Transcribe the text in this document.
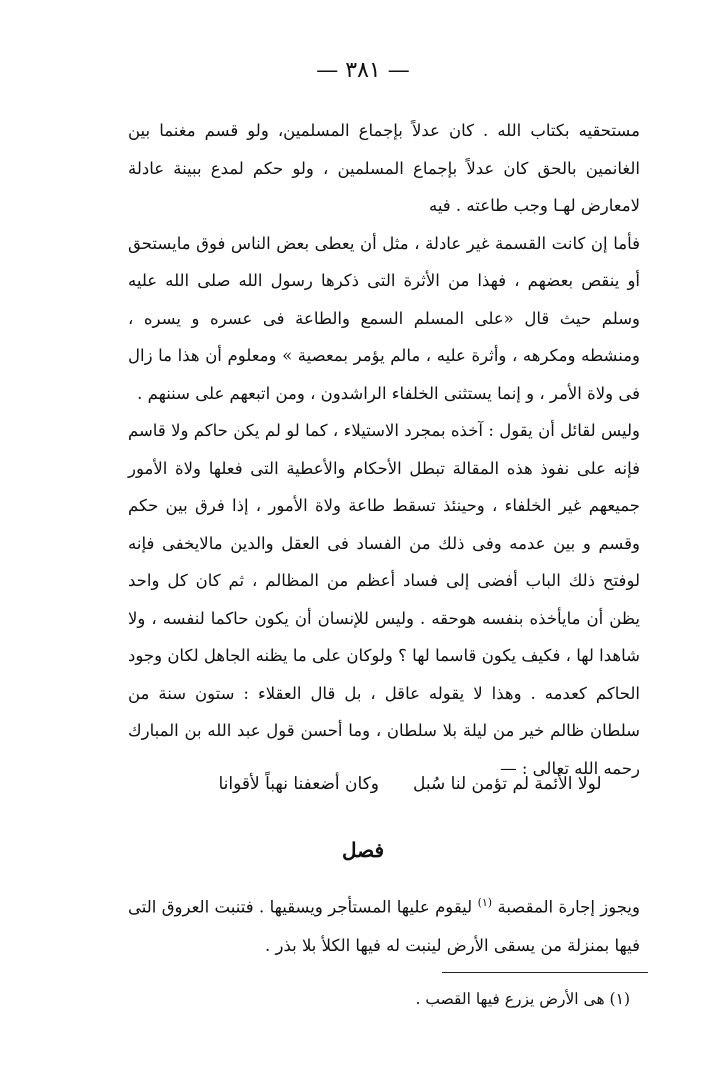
— ٣٨١ —

مستحقيه بكتاب الله . كان عدلاً بإجماع المسلمين، ولو قسم مغنما بين الغانمين بالحق كان عدلاً بإجماع المسلمين ، ولو حكم لمدع ببينة عادلة لامعارض لهـا وجب طاعته . فيه

فأما إن كانت القسمة غير عادلة ، مثل أن يعطى بعض الناس فوق مايستحق أو ينقص بعضهم ، فهذا من الأثرة التى ذكرها رسول الله صلى الله عليه وسلم حيث قال «على المسلم السمع والطاعة فى عسره و يسره ، ومنشطه ومكرهه ، وأثرة عليه ، مالم يؤمر بمعصية » ومعلوم أن هذا ما زال فى ولاة الأمر ، و إنما يستثنى الخلفاء الراشدون ، ومن اتبعهم على سننهم .

وليس لقائل أن يقول : آخذه بمجرد الاستيلاء ، كما لو لم يكن حاكم ولا قاسم فإنه على نفوذ هذه المقالة تبطل الأحكام والأعطية التى فعلها ولاة الأمور جميعهم غير الخلفاء ، وحينئذ تسقط طاعة ولاة الأمور ، إذا فرق بين حكم وقسم و بين عدمه وفى ذلك من الفساد فى العقل والدين مالايخفى فإنه لوفتح ذلك الباب أفضى إلى فساد أعظم من المظالم ، ثم كان كل واحد يظن أن مايأخذه بنفسه هوحقه . وليس للإنسان أن يكون حاكما لنفسه ، ولا شاهدا لها ، فكيف يكون قاسما لها ؟ ولوكان على ما يظنه الجاهل لكان وجود الحاكم كعدمه . وهذا لا يقوله عاقل ، بل قال العقلاء : ستون سنة من سلطان ظالم خير من ليلة بلا سلطان ، وما أحسن قول عبد الله بن المبارك رحمه الله تعالى : —

لولا الأئمة لم تؤمن لنا سُبل
وكان أضعفنا نهباً لأقوانا
فصل

ويجوز إجارة المقصبة $^{(١)}$ ليقوم عليها المستأجر ويسقيها . فتنبت العروق التى فيها بمنزلة من يسقى الأرض لينبت له فيها الكلأ بلا بذر .

(١) هى الأرض يزرع فيها القصب .
